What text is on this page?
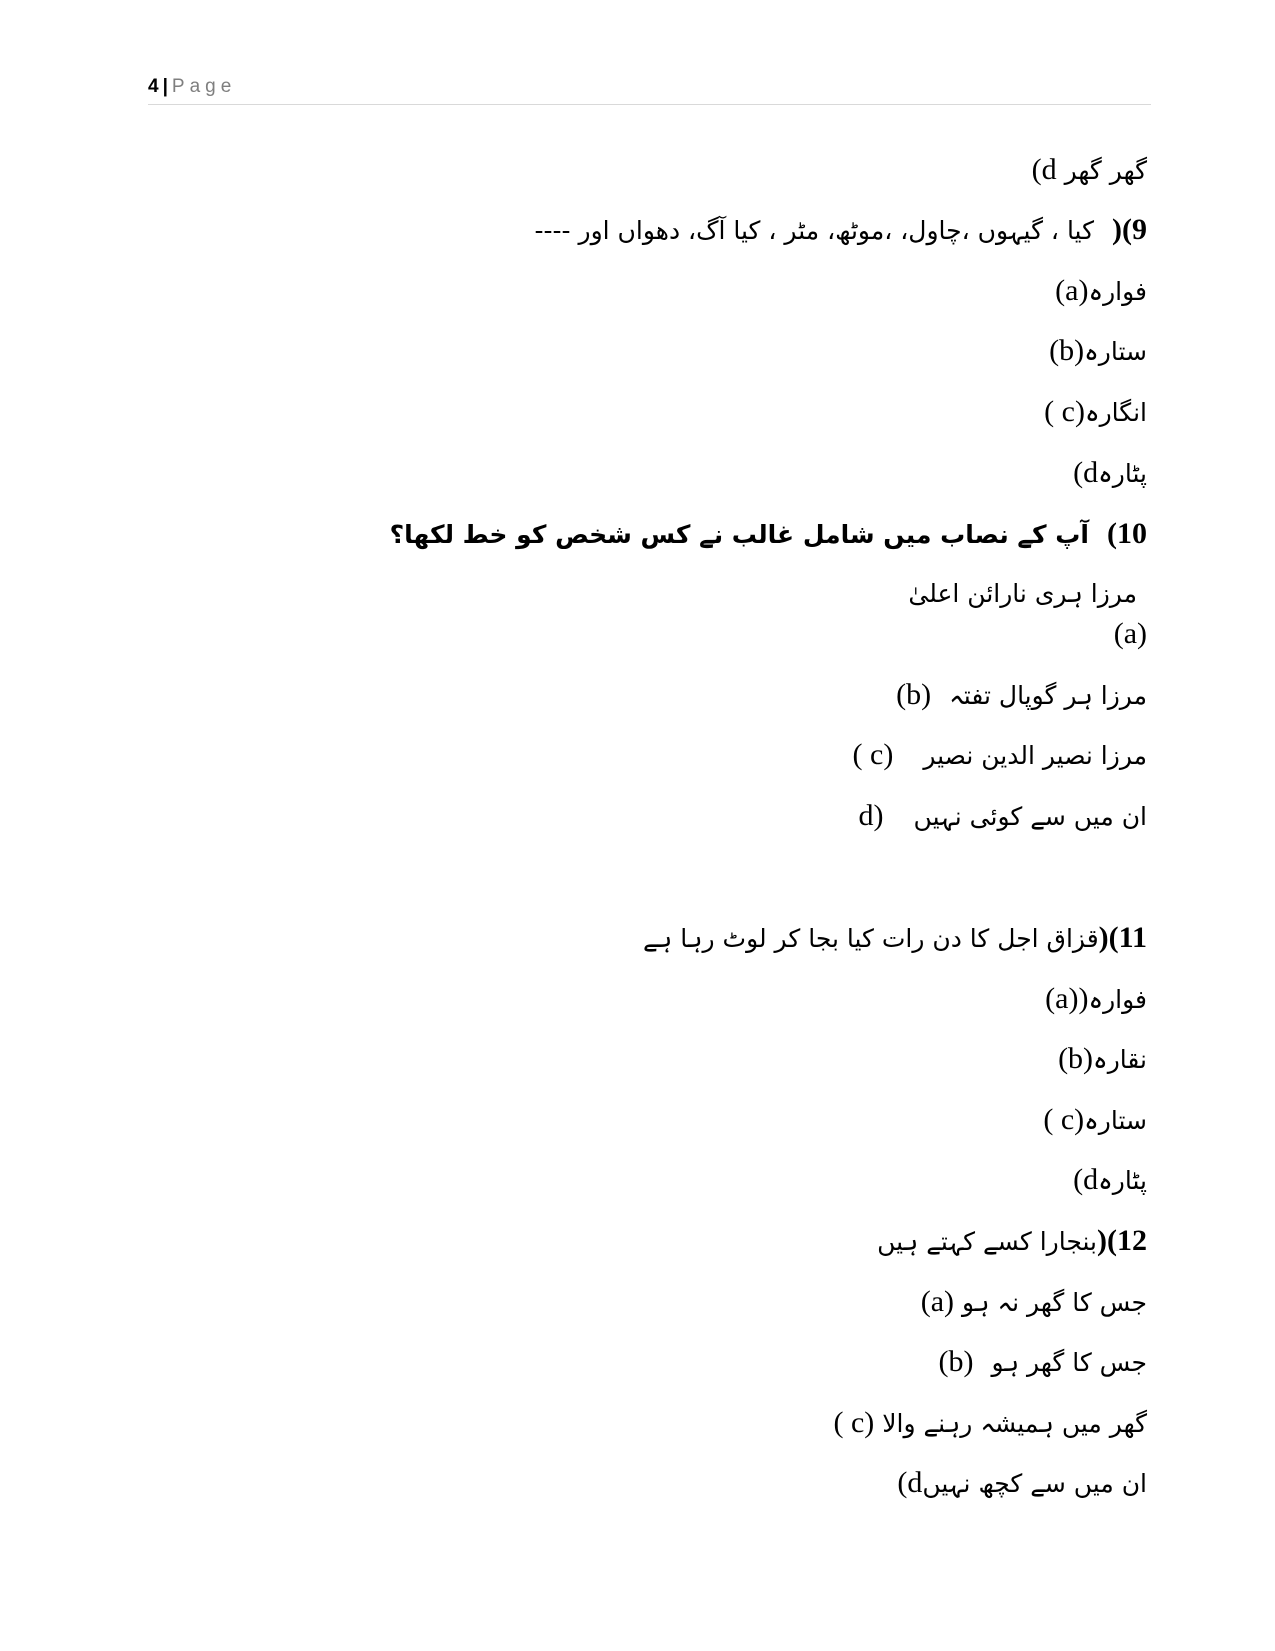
4 | Page
(d گھر گھر
9)(کیا ، گیہوں ،چاول، ،موٹھ، مٹر ، کیا آگ، دھواں اور ----
(a)فوارہ
(b)ستارہ
( c)انگارہ
(dپٹارہ
10)آپ کے نصاب میں شامل غالب نے کس شخص کو خط لکھا؟
مرزا ہری نارائن اعلیٰ
(a)
(b) مرزا ہر گوپال تفتہ
( c) مرزا نصیر الدین نصیر
d) ان میں سے کوئی نہیں
11)(قزاق اجل کا دن رات کیا بجا کر لوٹ رہا ہے
(a))فوارہ
(b)نقارہ
( c)ستارہ
(dپٹارہ
12)(بنجارا کسے کہتے ہیں
(a) جس کا گھر نہ ہو
(b) جس کا گھر ہو
( c) گھر میں ہمیشہ رہنے والا
(dان میں سے کچھ نہیں
